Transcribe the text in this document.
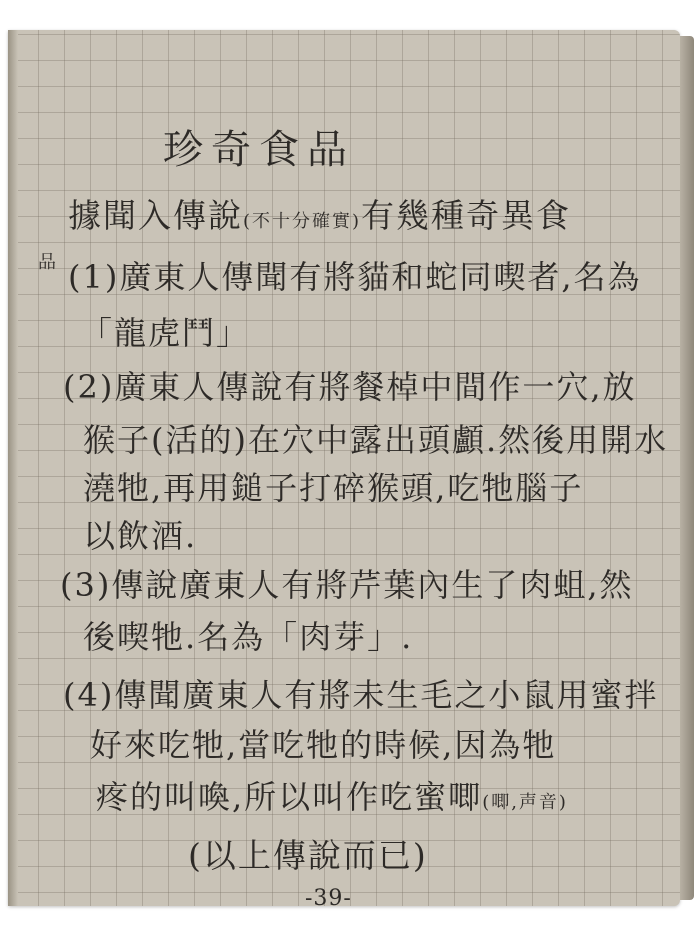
珍奇食品
據聞入傳說(不十分確實)有幾種奇異食
品 (1)廣東人傳聞有將貓和蛇同喫者,名為
「龍虎鬥」
(2)廣東人傳說有將餐棹中間作一穴,放
猴子(活的)在穴中露出頭顱.然後用開水
澆牠,再用鎚子打碎猴頭,吃牠腦子
以飲酒.
(3)傳說廣東人有將芹葉內生了肉蛆,然
後喫牠.名為「肉芽」.
(4)傳聞廣東人有將未生毛之小鼠用蜜拌
好來吃牠,當吃牠的時候,因為牠
疼的叫喚,所以叫作吃蜜唧(唧,声音)
(以上傳說而已)
-39-
